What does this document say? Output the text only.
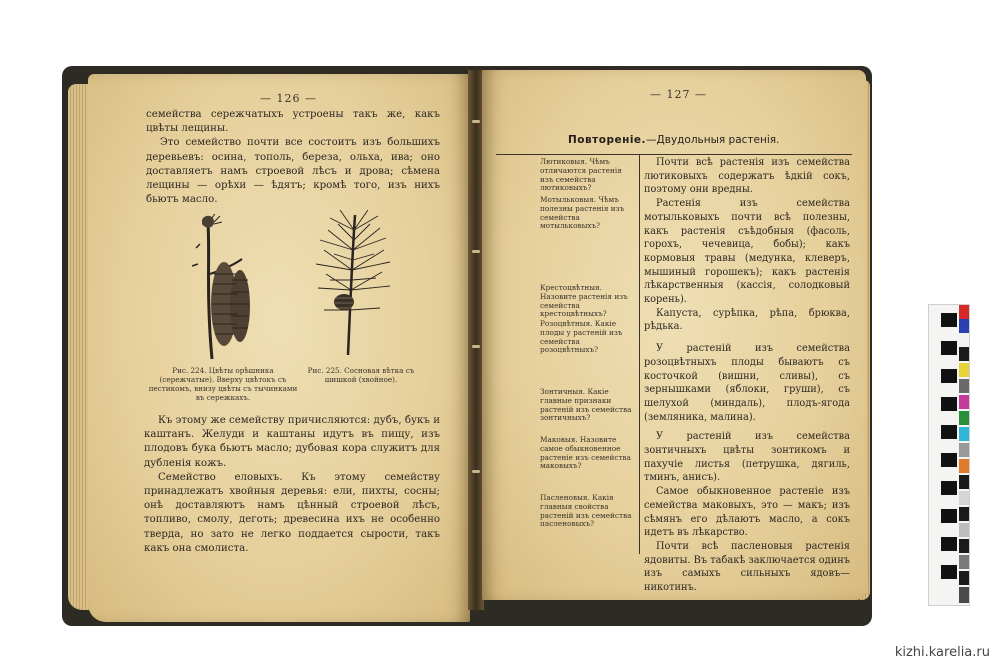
— 126 —

семейства сережчатыхъ устроены такъ же, какъ цвѣты лещины.

Это семейство почти все состоитъ изъ большихъ деревьевъ: осина, тополь, береза, ольха, ива; оно доставляетъ намъ строевой лѣсъ и дрова; сѣмена лещины — орѣхи — ѣдятъ; кромѣ того, изъ нихъ бьютъ масло.

Рис. 224. Цвѣты орѣшника (сережчатые). Вверху цвѣтокъ съ пестикомъ, внизу цвѣты съ тычинками въ сережкахъ.
Рис. 225. Сосновая вѣтка съ шишкой (хвойное).

Къ этому же семейству причисляются: дубъ, букъ и каштанъ. Желуди и каштаны идутъ въ пищу, изъ плодовъ бука бьютъ масло; дубовая кора служитъ для дубленія кожъ.

Семейство еловыхъ. Къ этому семейству принадлежатъ хвойныя деревья: ели, пихты, сосны; онѣ доставляютъ намъ цѣнный строевой лѣсъ, топливо, смолу, деготь; древесина ихъ не особенно тверда, но зато не легко поддается сырости, такъ какъ она смолиста.

— 127 —
Повтореніе.—Двудольныя растенія.
Лютиковыя. Чѣмъ отличаются растенія изъ семейства лютиковыхъ?
Мотыльковыя. Чѣмъ полезны растенія изъ семейства мотыльковыхъ?
Крестоцвѣтныя. Назовите растенія изъ семейства крестоцвѣтныхъ?
Розоцвѣтныя. Какіе плоды у растеній изъ семейства розоцвѣтныхъ?
Зонтичныя. Какіе главные признаки растеній изъ семейства зонтичныхъ?
Маковыя. Назовите самое обыкновенное растеніе изъ семейства маковыхъ?
Пасленовыя. Какія главныя свойства растеній изъ семейства пасленовыхъ?

Почти всѣ растенія изъ семейства лютиковыхъ содержатъ ѣдкій сокъ, поэтому они вредны.

Растенія изъ семейства мотыльковыхъ почти всѣ полезны, какъ растенія съѣдобныя (фасоль, горохъ, чечевица, бобы); какъ кормовыя травы (медунка, клеверъ, мышиный горошекъ); какъ растенія лѣкарственныя (кассія, солодковый корень).

Капуста, сурѣпка, рѣпа, брюква, рѣдька.

У растеній изъ семейства розоцвѣтныхъ плоды бываютъ съ косточкой (вишни, сливы), съ зернышками (яблоки, груши), съ шелухой (миндаль), плодъ-ягода (земляника, малина).

У растеній изъ семейства зонтичныхъ цвѣты зонтикомъ и пахучіе листья (петрушка, дягиль, тминъ, анисъ).

Самое обыкновенное растеніе изъ семейства маковыхъ, это — макъ; изъ сѣмянъ его дѣлаютъ масло, а сокъ идетъ въ лѣкарство.

Почти всѣ пасленовыя растенія ядовиты. Въ табакѣ заключается одинъ изъ самыхъ сильныхъ ядовъ—никотинъ.

kizhi.karelia.ru
